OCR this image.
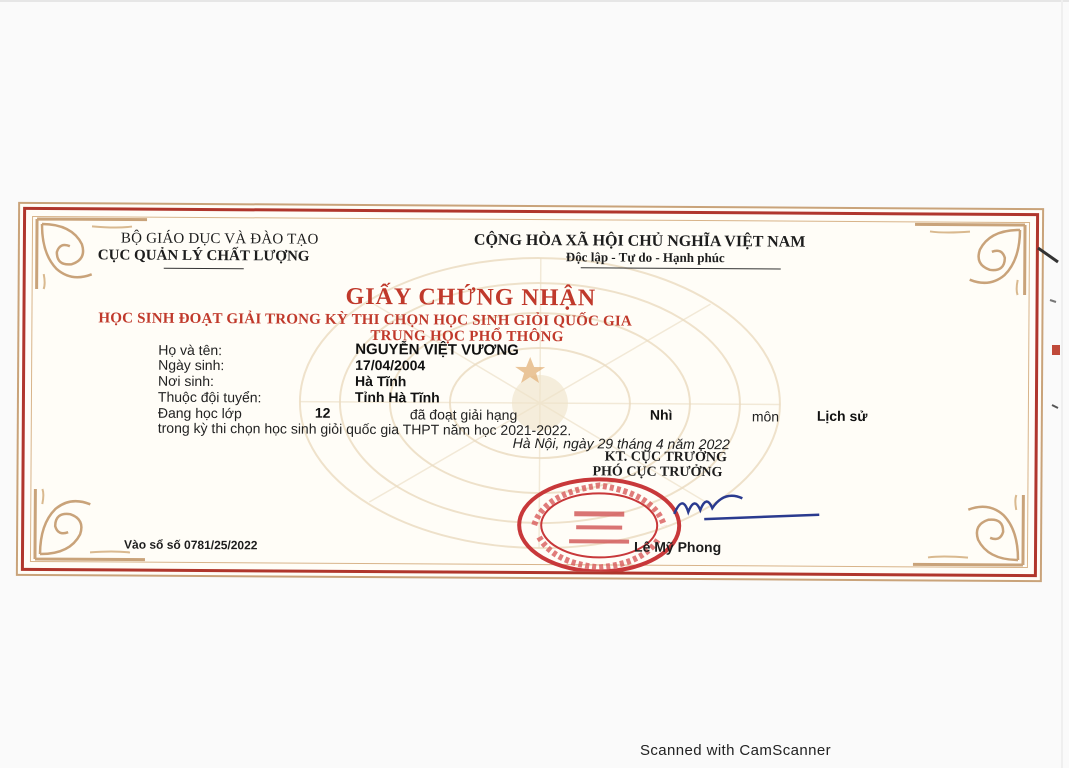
BỘ GIÁO DỤC VÀ ĐÀO TẠO
CỤC QUẢN LÝ CHẤT LƯỢNG
CỘNG HÒA XÃ HỘI CHỦ NGHĨA VIỆT NAM
Độc lập - Tự do - Hạnh phúc
GIẤY CHỨNG NHẬN
HỌC SINH ĐOẠT GIẢI TRONG KỲ THI CHỌN HỌC SINH GIỎI QUỐC GIA
TRUNG HỌC PHỔ THÔNG
Họ và tên:	NGUYỄN VIỆT VƯƠNG
Ngày sinh:	17/04/2004
Nơi sinh:	Hà Tĩnh
Thuộc đội tuyển:	Tỉnh Hà Tĩnh
Đang học lớp	12	đã đoạt giải hạng	Nhì	môn	Lịch sử
trong kỳ thi chọn học sinh giỏi quốc gia THPT năm học 2021-2022.
Hà Nội, ngày 29 tháng 4 năm 2022
KT. CỤC TRƯỞNG
PHÓ CỤC TRƯỞNG
Lê Mỹ Phong
Vào sổ số 0781/25/2022
Scanned with CamScanner
